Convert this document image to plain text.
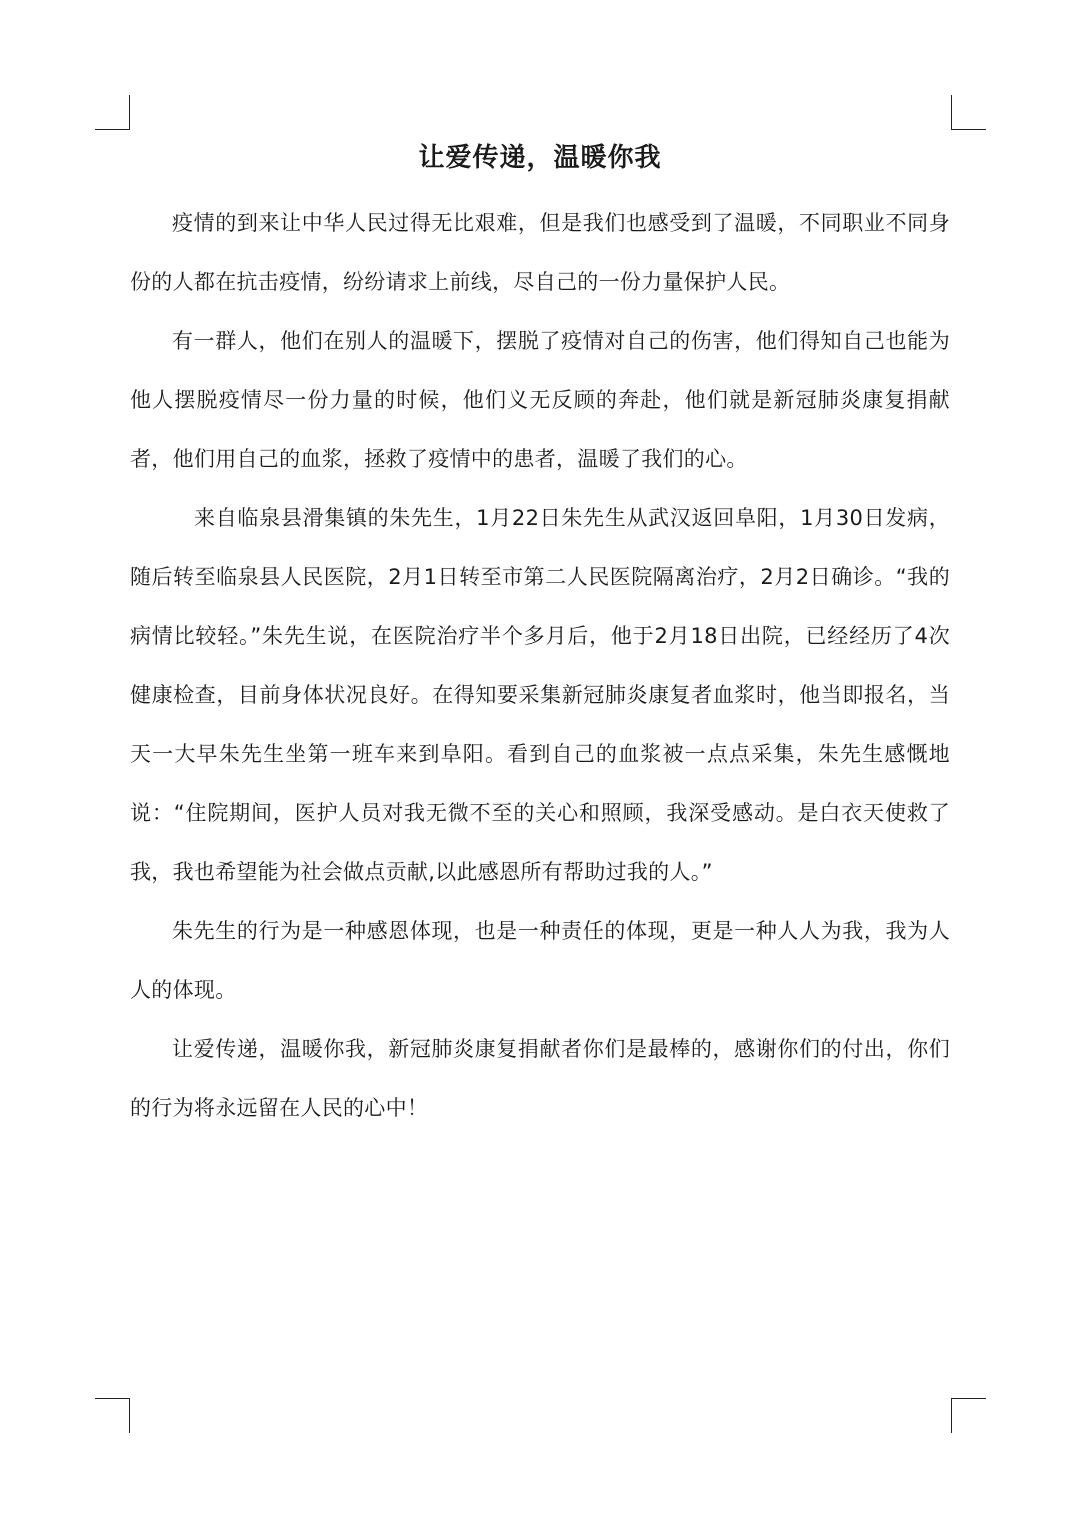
让爱传递，温暖你我

疫情的到来让中华人民过得无比艰难，但是我们也感受到了温暖，不同职业不同身份的人都在抗击疫情，纷纷请求上前线，尽自己的一份力量保护人民。

有一群人，他们在别人的温暖下，摆脱了疫情对自己的伤害，他们得知自己也能为他人摆脱疫情尽一份力量的时候，他们义无反顾的奔赴，他们就是新冠肺炎康复捐献者，他们用自己的血浆，拯救了疫情中的患者，温暖了我们的心。

来自临泉县滑集镇的朱先生，1月22日朱先生从武汉返回阜阳，1月30日发病，随后转至临泉县人民医院，2月1日转至市第二人民医院隔离治疗，2月2日确诊。“我的病情比较轻。”朱先生说，在医院治疗半个多月后，他于2月18日出院，已经经历了4次健康检查，目前身体状况良好。在得知要采集新冠肺炎康复者血浆时，他当即报名，当天一大早朱先生坐第一班车来到阜阳。看到自己的血浆被一点点采集，朱先生感慨地说：“住院期间，医护人员对我无微不至的关心和照顾，我深受感动。是白衣天使救了我，我也希望能为社会做点贡献,以此感恩所有帮助过我的人。”

朱先生的行为是一种感恩体现，也是一种责任的体现，更是一种人人为我，我为人人的体现。

让爱传递，温暖你我，新冠肺炎康复捐献者你们是最棒的，感谢你们的付出，你们的行为将永远留在人民的心中！
